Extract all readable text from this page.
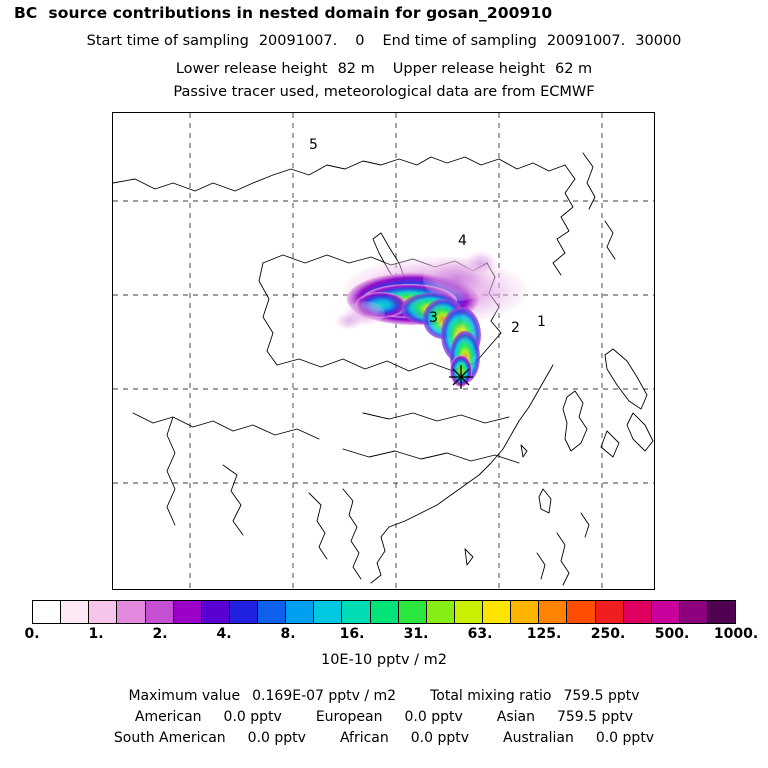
BC  source contributions in nested domain for gosan_200910
Start time of sampling 20091007. 0 End time of sampling 20091007. 30000
Lower release height 82 m Upper release height 62 m
Passive tracer used, meteorological data are from ECMWF
5
4
3
2 1
0.	1.	2.	4.	8.	16.	31.	63. 125. 250. 500. 1000.
10E-10 pptv / m2
Maximum value 0.169E-07 pptv / m2 Total mixing ratio 759.5 pptv
American 0.0 pptv European 0.0 pptv Asian 759.5 pptv
South American 0.0 pptv African 0.0 pptv Australian 0.0 pptv
